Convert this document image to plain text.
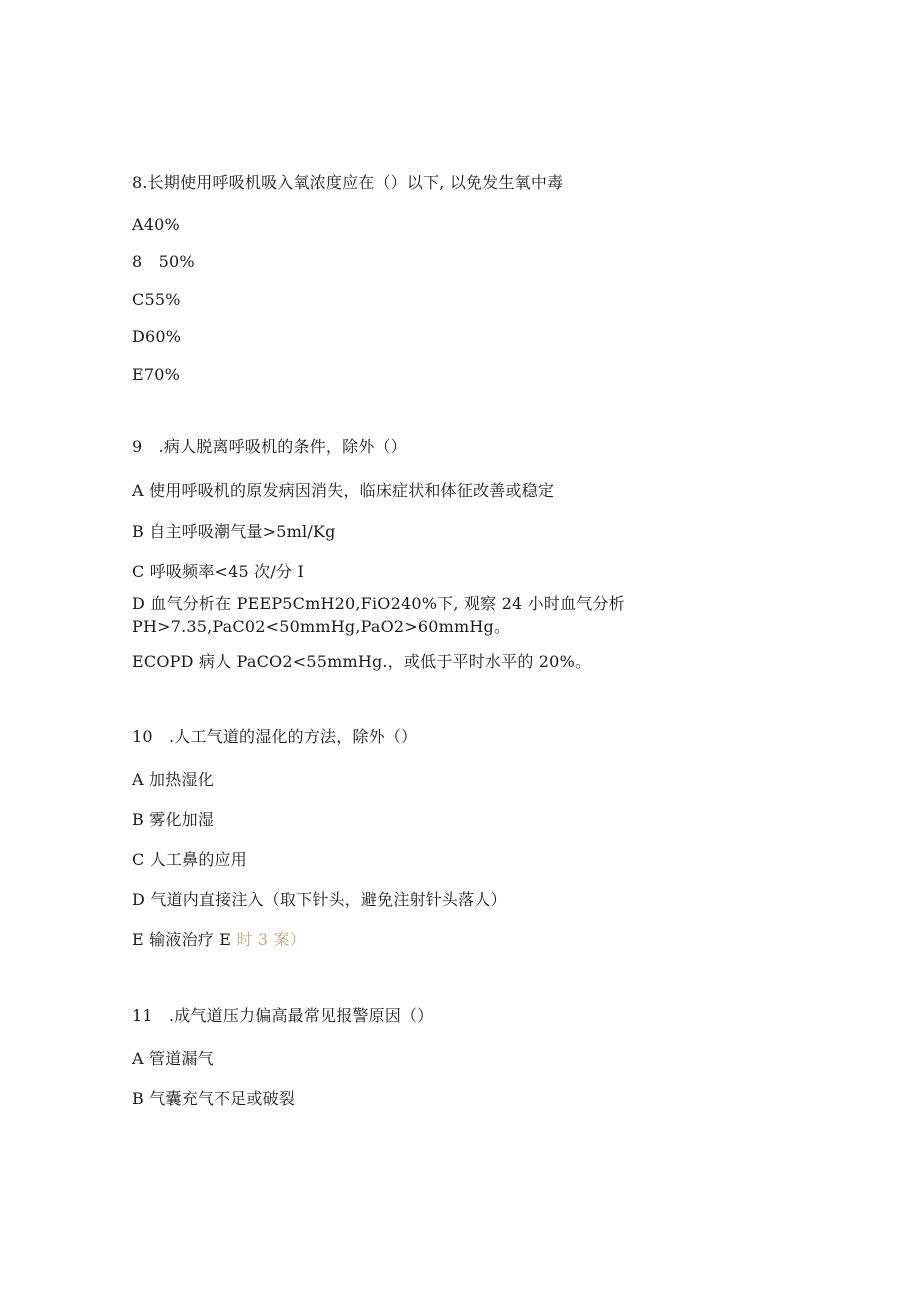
8.长期使用呼吸机吸入氧浓度应在（）以下, 以免发生氧中毒
A40%
8　50%
C55%
D60%
E70%
9　.病人脱离呼吸机的条件，除外（）
A 使用呼吸机的原发病因消失，临床症状和体征改善或稳定
B 自主呼吸潮气量>5ml/Kg
C 呼吸频率<45 次/分 I
D 血气分析在 PEEP5CmH20,FiO240%下, 观察 24 小时血气分析
PH>7.35,PaC02<50mmHg,PaO2>60mmHg。
ECOPD 病人 PaCO2<55mmHg.，或低于平时水平的 20%。
10　.人工气道的湿化的方法，除外（）
A 加热湿化
B 雾化加湿
C 人工鼻的应用
D 气道内直接注入（取下针头，避免注射针头落人）
E 输液治疗 E 时 3 案）
11　.成气道压力偏高最常见报警原因（）
A 管道漏气
B 气囊充气不足或破裂
